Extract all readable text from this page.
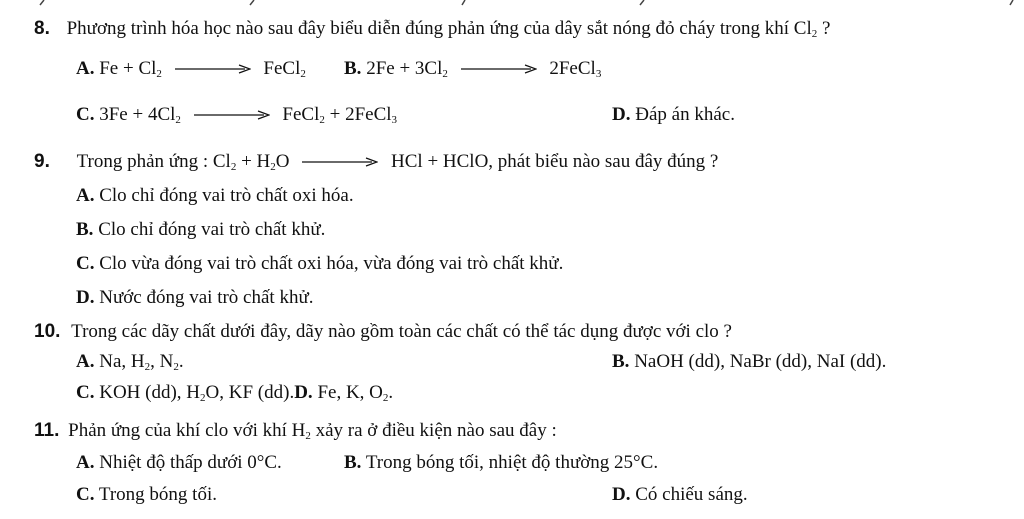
8. Phương trình hóa học nào sau đây biểu diễn đúng phản ứng của dây sắt nóng đỏ cháy trong khí $Cl_2$ ?
A. $Fe + Cl_2$ → FeCl$_2$ B. $2Fe + 3Cl_2$ → 2FeCl$_3$
C. $3Fe + 4Cl_2$ → FeCl$_2$ + 2FeCl$_3$	D. Đáp án khác.
9. Trong phản ứng : $Cl_2 + H_2O$ → HCl + HClO, phát biểu nào sau đây đúng ?
A. Clo chỉ đóng vai trò chất oxi hóa.
B. Clo chỉ đóng vai trò chất khử.
C. Clo vừa đóng vai trò chất oxi hóa, vừa đóng vai trò chất khử.
D. Nước đóng vai trò chất khử.
10. Trong các dãy chất dưới đây, dãy nào gồm toàn các chất có thể tác dụng được với clo ?
A. Na, $H_2$, $N_2$.	B. NaOH (dd), NaBr (dd), NaI (dd).
C. KOH (dd), $H_2O$, KF (dd).D. Fe, K, $O_2$.
11. Phản ứng của khí clo với khí $H_2$ xảy ra ở điều kiện nào sau đây :
A. Nhiệt độ thấp dưới 0°C.	B. Trong bóng tối, nhiệt độ thường 25°C.
C. Trong bóng tối.	D. Có chiếu sáng.
